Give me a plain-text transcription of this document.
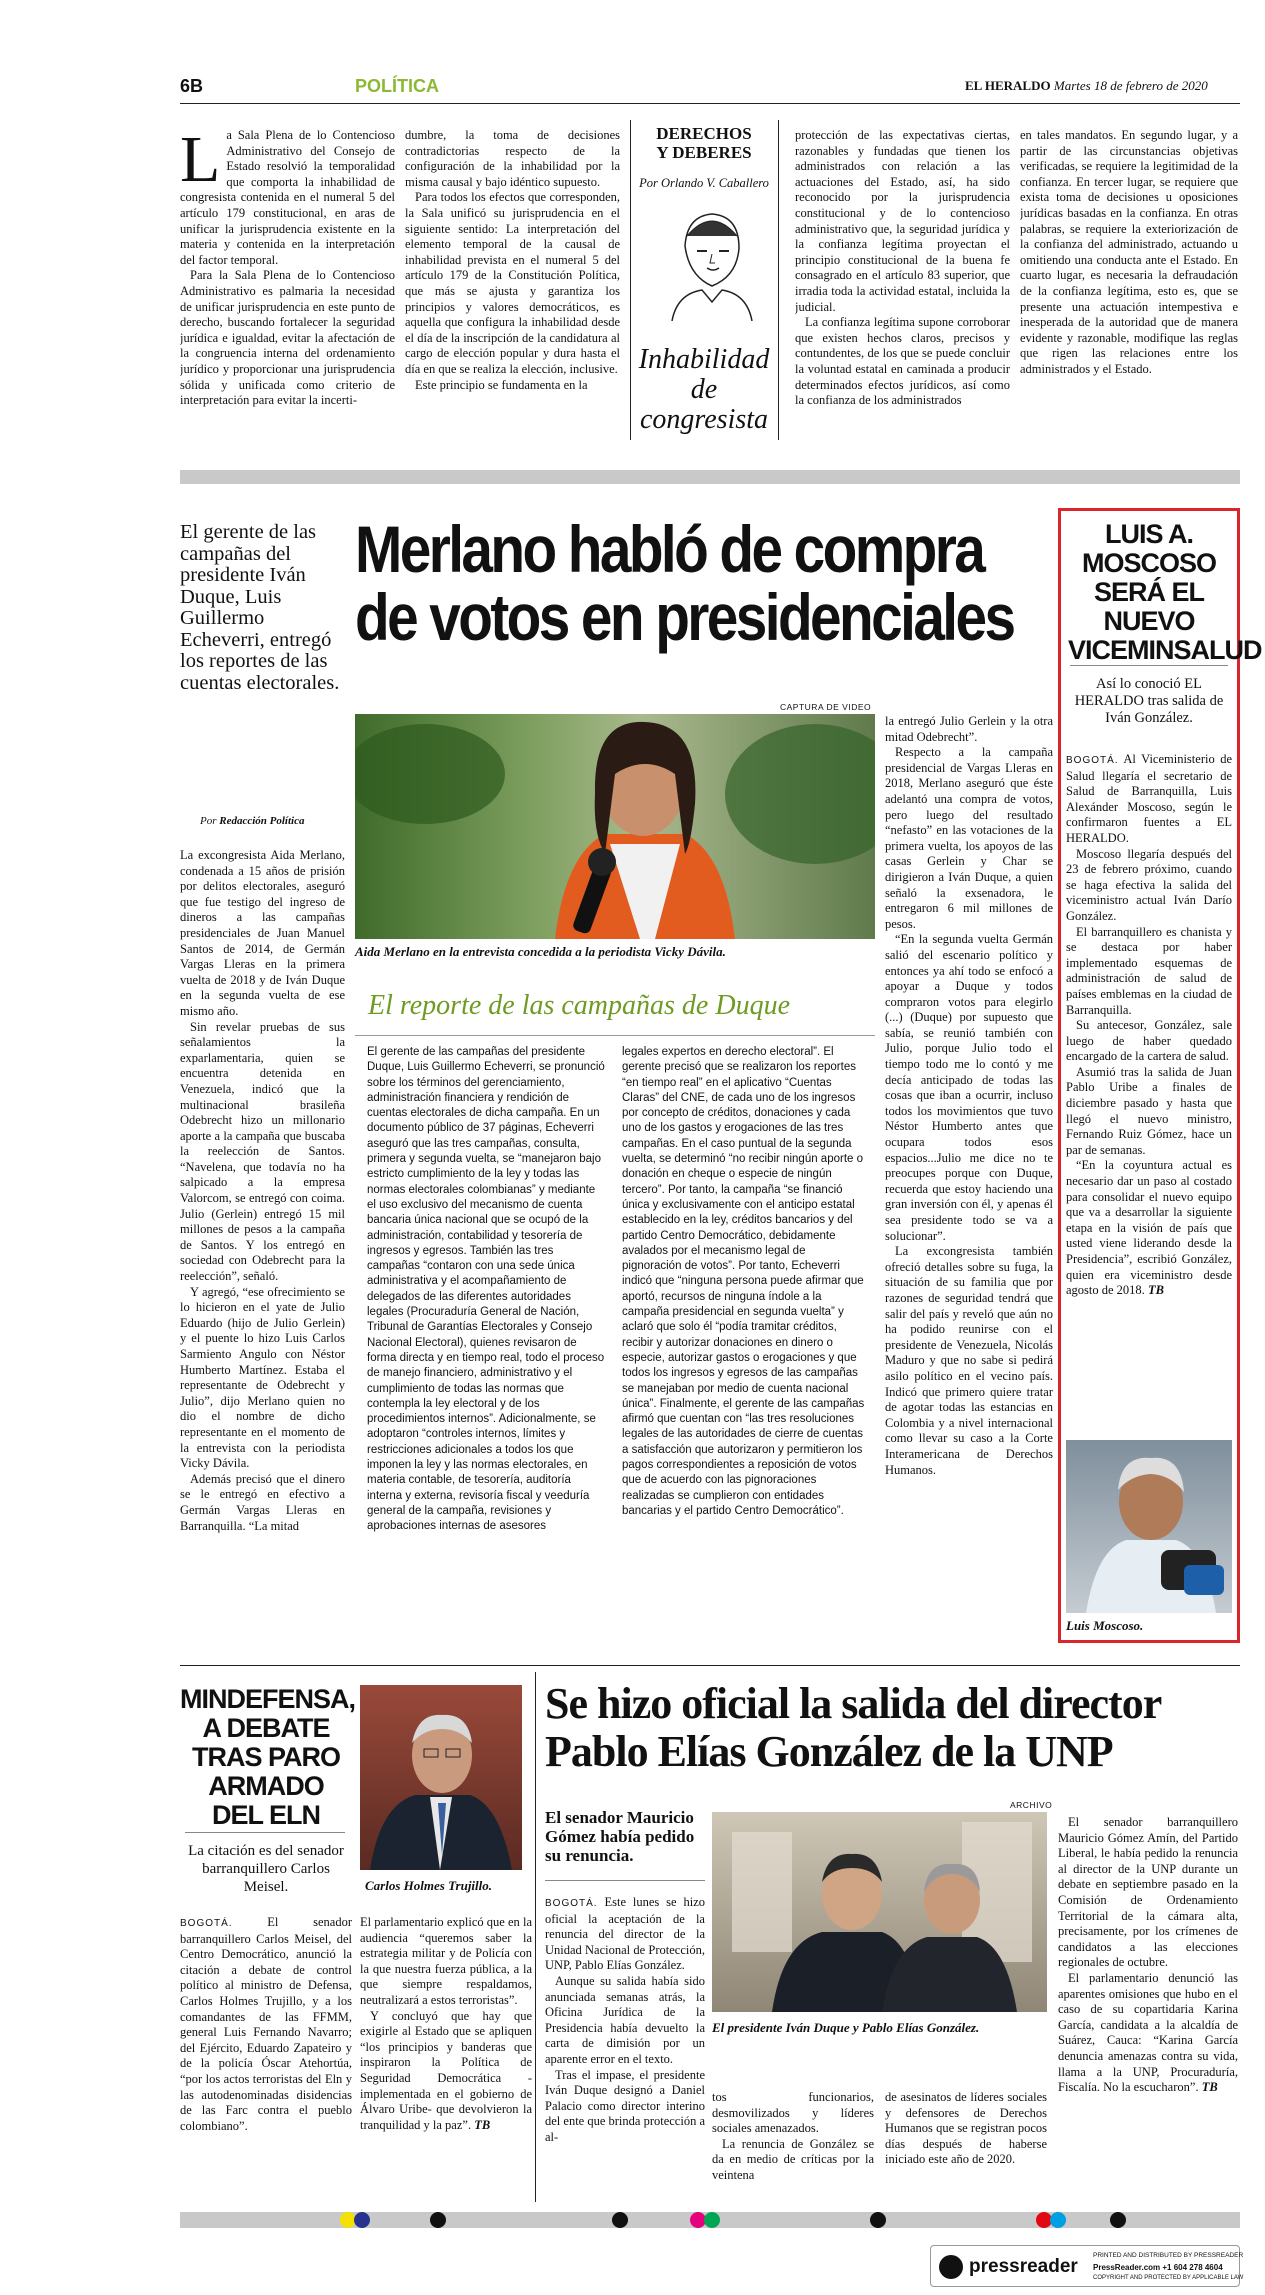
6B	POLÍTICA	EL HERALDO Martes 18 de febrero de 2020
L a Sala Plena de lo Contencioso Administrativo del Consejo de Estado resolvió la temporalidad que comporta la inhabilidad de congresista contenida en el numeral 5 del artículo 179 constitucional, en aras de unificar la jurisprudencia existente en la materia y contenida en la interpretación del factor temporal.

Para la Sala Plena de lo Contencioso Administrativo es palmaria la necesidad de unificar jurisprudencia en este punto de derecho, buscando fortalecer la seguridad jurídica e igualdad, evitar la afectación de la congruencia interna del ordenamiento jurídico y proporcionar una jurisprudencia sólida y unificada como criterio de interpretación para evitar la incerti-

dumbre, la toma de decisiones contradictorias respecto de la configuración de la inhabilidad por la misma causal y bajo idéntico supuesto.

Para todos los efectos que corresponden, la Sala unificó su jurisprudencia en el siguiente sentido: La interpretación del elemento temporal de la causal de inhabilidad prevista en el numeral 5 del artículo 179 de la Constitución Política, que más se ajusta y garantiza los principios y valores democráticos, es aquella que configura la inhabilidad desde el día de la inscripción de la candidatura al cargo de elección popular y dura hasta el día en que se realiza la elección, inclusive.

Este principio se fundamenta en la

DERECHOS
Y DEBERES
Por Orlando V. Caballero
Inhabilidad de congresista

protección de las expectativas ciertas, razonables y fundadas que tienen los administrados con relación a las actuaciones del Estado, así, ha sido reconocido por la jurisprudencia constitucional y de lo contencioso administrativo que, la seguridad jurídica y la confianza legítima proyectan el principio constitucional de la buena fe consagrado en el artículo 83 superior, que irradia toda la actividad estatal, incluida la judicial.

La confianza legítima supone corroborar que existen hechos claros, precisos y contundentes, de los que se puede concluir la voluntad estatal en caminada a producir determinados efectos jurídicos, así como la confianza de los administrados

en tales mandatos. En segundo lugar, y a partir de las circunstancias objetivas verificadas, se requiere la legitimidad de la confianza. En tercer lugar, se requiere que exista toma de decisiones u oposiciones jurídicas basadas en la confianza. En otras palabras, se requiere la exteriorización de la confianza del administrado, actuando u omitiendo una conducta ante el Estado. En cuarto lugar, es necesaria la defraudación de la confianza legítima, esto es, que se presente una actuación intempestiva e inesperada de la autoridad que de manera evidente y razonable, modifique las reglas que rigen las relaciones entre los administrados y el Estado.

El gerente de las campañas del presidente Iván Duque, Luis Guillermo Echeverri, entregó los reportes de las cuentas electorales.
Por Redacción Política

La excongresista Aida Merlano, condenada a 15 años de prisión por delitos electorales, aseguró que fue testigo del ingreso de dineros a las campañas presidenciales de Juan Manuel Santos de 2014, de Germán Vargas Lleras en la primera vuelta de 2018 y de Iván Duque en la segunda vuelta de ese mismo año.

Sin revelar pruebas de sus señalamientos la exparlamentaria, quien se encuentra detenida en Venezuela, indicó que la multinacional brasileña Odebrecht hizo un millonario aporte a la campaña que buscaba la reelección de Santos. “Navelena, que todavía no ha salpicado a la empresa Valorcom, se entregó con coima. Julio (Gerlein) entregó 15 mil millones de pesos a la campaña de Santos. Y los entregó en sociedad con Odebrecht para la reelección”, señaló.

Y agregó, “ese ofrecimiento se lo hicieron en el yate de Julio Eduardo (hijo de Julio Gerlein) y el puente lo hizo Luis Carlos Sarmiento Angulo con Néstor Humberto Martínez. Estaba el representante de Odebrecht y Julio”, dijo Merlano quien no dio el nombre de dicho representante en el momento de la entrevista con la periodista Vicky Dávila.

Además precisó que el dinero se le entregó en efectivo a Germán Vargas Lleras en Barranquilla. “La mitad

Merlano habló de compra de votos en presidenciales
CAPTURA DE VIDEO
Aida Merlano en la entrevista concedida a la periodista Vicky Dávila.
El reporte de las campañas de Duque
El gerente de las campañas del presidente Duque, Luis Guillermo Echeverri, se pronunció sobre los términos del gerenciamiento, administración financiera y rendición de cuentas electorales de dicha campaña. En un documento público de 37 páginas, Echeverri aseguró que las tres campañas, consulta, primera y segunda vuelta, se “manejaron bajo estricto cumplimiento de la ley y todas las normas electorales colombianas” y mediante el uso exclusivo del mecanismo de cuenta bancaria única nacional que se ocupó de la administración, contabilidad y tesorería de ingresos y egresos. También las tres campañas “contaron con una sede única administrativa y el acompañamiento de delegados de las diferentes autoridades legales (Procuraduría General de Nación, Tribunal de Garantías Electorales y Consejo Nacional Electoral), quienes revisaron de forma directa y en tiempo real, todo el proceso de manejo financiero, administrativo y el cumplimiento de todas las normas que contempla la ley electoral y de los procedimientos internos”. Adicionalmente, se adoptaron “controles internos, límites y restricciones adicionales a todos los que imponen la ley y las normas electorales, en materia contable, de tesorería, auditoría interna y externa, revisoría fiscal y veeduría general de la campaña, revisiones y aprobaciones internas de asesores
legales expertos en derecho electoral”. El gerente precisó que se realizaron los reportes “en tiempo real” en el aplicativo “Cuentas Claras” del CNE, de cada uno de los ingresos por concepto de créditos, donaciones y cada uno de los gastos y erogaciones de las tres campañas. En el caso puntual de la segunda vuelta, se determinó “no recibir ningún aporte o donación en cheque o especie de ningún tercero”. Por tanto, la campaña “se financió única y exclusivamente con el anticipo estatal establecido en la ley, créditos bancarios y del partido Centro Democrático, debidamente avalados por el mecanismo legal de pignoración de votos”. Por tanto, Echeverri indicó que “ninguna persona puede afirmar que aportó, recursos de ninguna índole a la campaña presidencial en segunda vuelta” y aclaró que solo él “podía tramitar créditos, recibir y autorizar donaciones en dinero o especie, autorizar gastos o erogaciones y que todos los ingresos y egresos de las campañas se manejaban por medio de cuenta nacional única”. Finalmente, el gerente de las campañas afirmó que cuentan con “las tres resoluciones legales de las autoridades de cierre de cuentas a satisfacción que autorizaron y permitieron los pagos correspondientes a reposición de votos que de acuerdo con las pignoraciones realizadas se cumplieron con entidades bancarias y el partido Centro Democrático”.

la entregó Julio Gerlein y la otra mitad Odebrecht”.

Respecto a la campaña presidencial de Vargas Lleras en 2018, Merlano aseguró que éste adelantó una compra de votos, pero luego del resultado “nefasto” en las votaciones de la primera vuelta, los apoyos de las casas Gerlein y Char se dirigieron a Iván Duque, a quien señaló la exsenadora, le entregaron 6 mil millones de pesos.

“En la segunda vuelta Germán salió del escenario político y entonces ya ahí todo se enfocó a apoyar a Duque y todos compraron votos para elegirlo (...) (Duque) por supuesto que sabía, se reunió también con Julio, porque Julio todo el tiempo todo me lo contó y me decía anticipado de todas las cosas que iban a ocurrir, incluso todos los movimientos que tuvo Néstor Humberto antes que ocupara todos esos espacios...Julio me dice no te preocupes porque con Duque, recuerda que estoy haciendo una gran inversión con él, y apenas él sea presidente todo se va a solucionar”.

La excongresista también ofreció detalles sobre su fuga, la situación de su familia que por razones de seguridad tendrá que salir del país y reveló que aún no ha podido reunirse con el presidente de Venezuela, Nicolás Maduro y que no sabe si pedirá asilo político en el vecino país. Indicó que primero quiere tratar de agotar todas las estancias en Colombia y a nivel internacional como llevar su caso a la Corte Interamericana de Derechos Humanos.

LUIS A. MOSCOSO SERÁ EL NUEVO VICEMINSALUD
Así lo conoció EL HERALDO tras salida de Iván González.

BOGOTÁ. Al Viceministerio de Salud llegaría el secretario de Salud de Barranquilla, Luis Alexánder Moscoso, según le confirmaron fuentes a EL HERALDO.

Moscoso llegaría después del 23 de febrero próximo, cuando se haga efectiva la salida del viceministro actual Iván Darío González.

El barranquillero es chanista y se destaca por haber implementado esquemas de administración de salud de países emblemas en la ciudad de Barranquilla.

Su antecesor, González, sale luego de haber quedado encargado de la cartera de salud.

Asumió tras la salida de Juan Pablo Uribe a finales de diciembre pasado y hasta que llegó el nuevo ministro, Fernando Ruiz Gómez, hace un par de semanas.

“En la coyuntura actual es necesario dar un paso al costado para consolidar el nuevo equipo que va a desarrollar la siguiente etapa en la visión de país que usted viene liderando desde la Presidencia”, escribió González, quien era viceministro desde agosto de 2018. TB

Luis Moscoso.
MINDEFENSA, A DEBATE TRAS PARO ARMADO DEL ELN
La citación es del senador barranquillero Carlos Meisel.	Carlos Holmes Trujillo.

BOGOTÁ.	El senador barranquillero Carlos Meisel, del Centro Democrático, anunció la citación a debate de control político al ministro de Defensa, Carlos Holmes Trujillo, y a los comandantes de las FFMM, general Luis Fernando Navarro; del Ejército, Eduardo Zapateiro y de la policía Óscar Atehortúa, “por los actos terroristas del Eln y las autodenominadas disidencias de las Farc contra el pueblo colombiano”.

El parlamentario explicó que en la audiencia “queremos saber la estrategia militar y de Policía con la que nuestra fuerza pública, a la que siempre respaldamos, neutralizará a estos terroristas”.

Y concluyó que hay que exigirle al Estado que se apliquen “los principios y banderas que inspiraron la Política de Seguridad Democrática -implementada en el gobierno de Álvaro Uribe- que devolvieron la tranquilidad y la paz”. TB

Se hizo oficial la salida del director Pablo Elías González de la UNP
El senador Mauricio Gómez había pedido su renuncia.

BOGOTÁ. Este lunes se hizo oficial la aceptación de la renuncia del director de la Unidad Nacional de Protección, UNP, Pablo Elías González.

Aunque su salida había sido anunciada semanas atrás, la Oficina Jurídica de la Presidencia había devuelto la carta de dimisión por un aparente error en el texto.

Tras el impase, el presidente Iván Duque designó a Daniel Palacio como director interino del ente que brinda protección a al-

ARCHIVO
El presidente Iván Duque y Pablo Elías González.

tos funcionarios, desmovilizados y líderes sociales amenazados.

La renuncia de González se da en medio de críticas por la veintena

de asesinatos de líderes sociales y defensores de Derechos Humanos que se registran pocos días después de haberse iniciado este año de 2020.

El senador barranquillero Mauricio Gómez Amín, del Partido Liberal, le había pedido la renuncia al director de la UNP durante un debate en septiembre pasado en la Comisión de Ordenamiento Territorial de la cámara alta, precisamente, por los crímenes de candidatos a las elecciones regionales de octubre.

El parlamentario denunció las aparentes omisiones que hubo en el caso de su copartidaria Karina García, candidata a la alcaldía de Suárez, Cauca: “Karina García denuncia amenazas contra su vida, llama a la UNP, Procuraduría, Fiscalía. No la escucharon”. TB

pressreader
PRINTED AND DISTRIBUTED BY PRESSREADER
PressReader.com +1 604 278 4604
COPYRIGHT AND PROTECTED BY APPLICABLE LAW
